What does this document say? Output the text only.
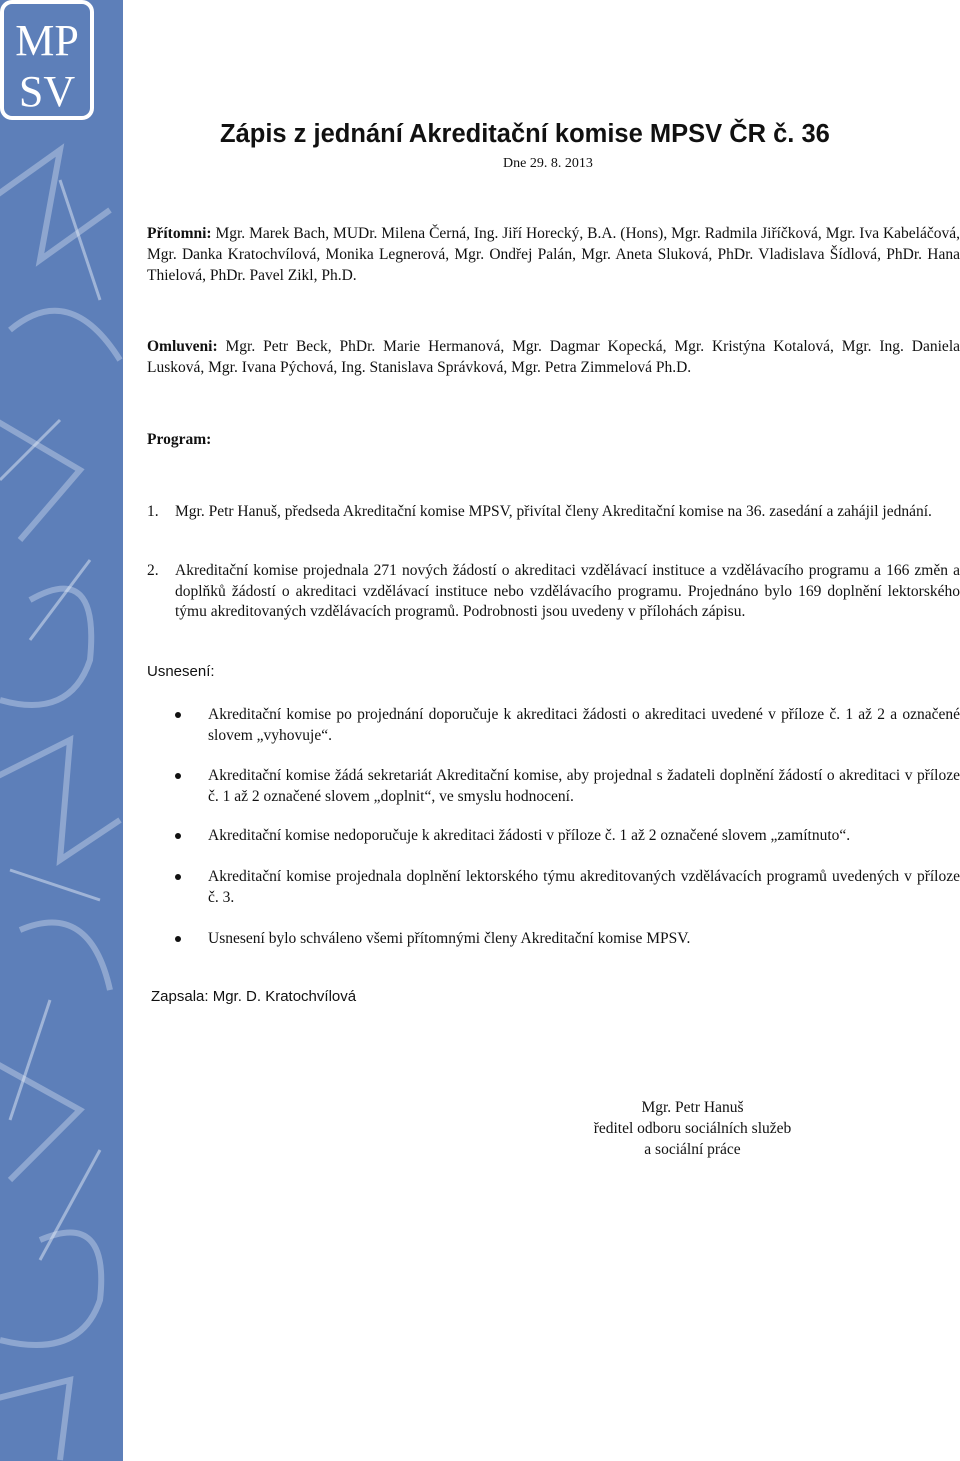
MP
SV
Zápis z jednání Akreditační komise MPSV ČR č. 36
Dne 29. 8. 2013
Přítomni: Mgr. Marek Bach, MUDr. Milena Černá, Ing. Jiří Horecký, B.A. (Hons), Mgr. Radmila Jiříčková, Mgr. Iva Kabeláčová, Mgr. Danka Kratochvílová, Monika Legnerová, Mgr. Ondřej Palán, Mgr. Aneta Sluková, PhDr. Vladislava Šídlová, PhDr. Hana Thielová, PhDr. Pavel Zikl, Ph.D.
Omluveni: Mgr. Petr Beck, PhDr. Marie Hermanová, Mgr. Dagmar Kopecká, Mgr. Kristýna Kotalová, Mgr. Ing. Daniela Lusková, Mgr. Ivana Pýchová, Ing. Stanislava Správková, Mgr. Petra Zimmelová Ph.D.
Program:
1. Mgr. Petr Hanuš, předseda Akreditační komise MPSV, přivítal členy Akreditační komise na 36. zasedání a zahájil jednání.
2. Akreditační komise projednala 271 nových žádostí o akreditaci vzdělávací instituce a vzdělávacího programu a 166 změn a doplňků žádostí o akreditaci vzdělávací instituce nebo vzdělávacího programu. Projednáno bylo 169 doplnění lektorského týmu akreditovaných vzdělávacích programů. Podrobnosti jsou uvedeny v přílohách zápisu.
Usnesení:
Akreditační komise po projednání doporučuje k akreditaci žádosti o akreditaci uvedené v příloze č. 1 až 2 a označené slovem „vyhovuje“.
Akreditační komise žádá sekretariát Akreditační komise, aby projednal s žadateli doplnění žádostí o akreditaci v příloze č. 1 až 2 označené slovem „doplnit“, ve smyslu hodnocení.
Akreditační komise nedoporučuje k akreditaci žádosti v příloze č. 1 až 2 označené slovem „zamítnuto“.
Akreditační komise projednala doplnění lektorského týmu akreditovaných vzdělávacích programů uvedených v příloze č. 3.
Usnesení bylo schváleno všemi přítomnými členy Akreditační komise MPSV.
Zapsala: Mgr. D. Kratochvílová
Mgr. Petr Hanuš
ředitel odboru sociálních služeb
a sociální práce
